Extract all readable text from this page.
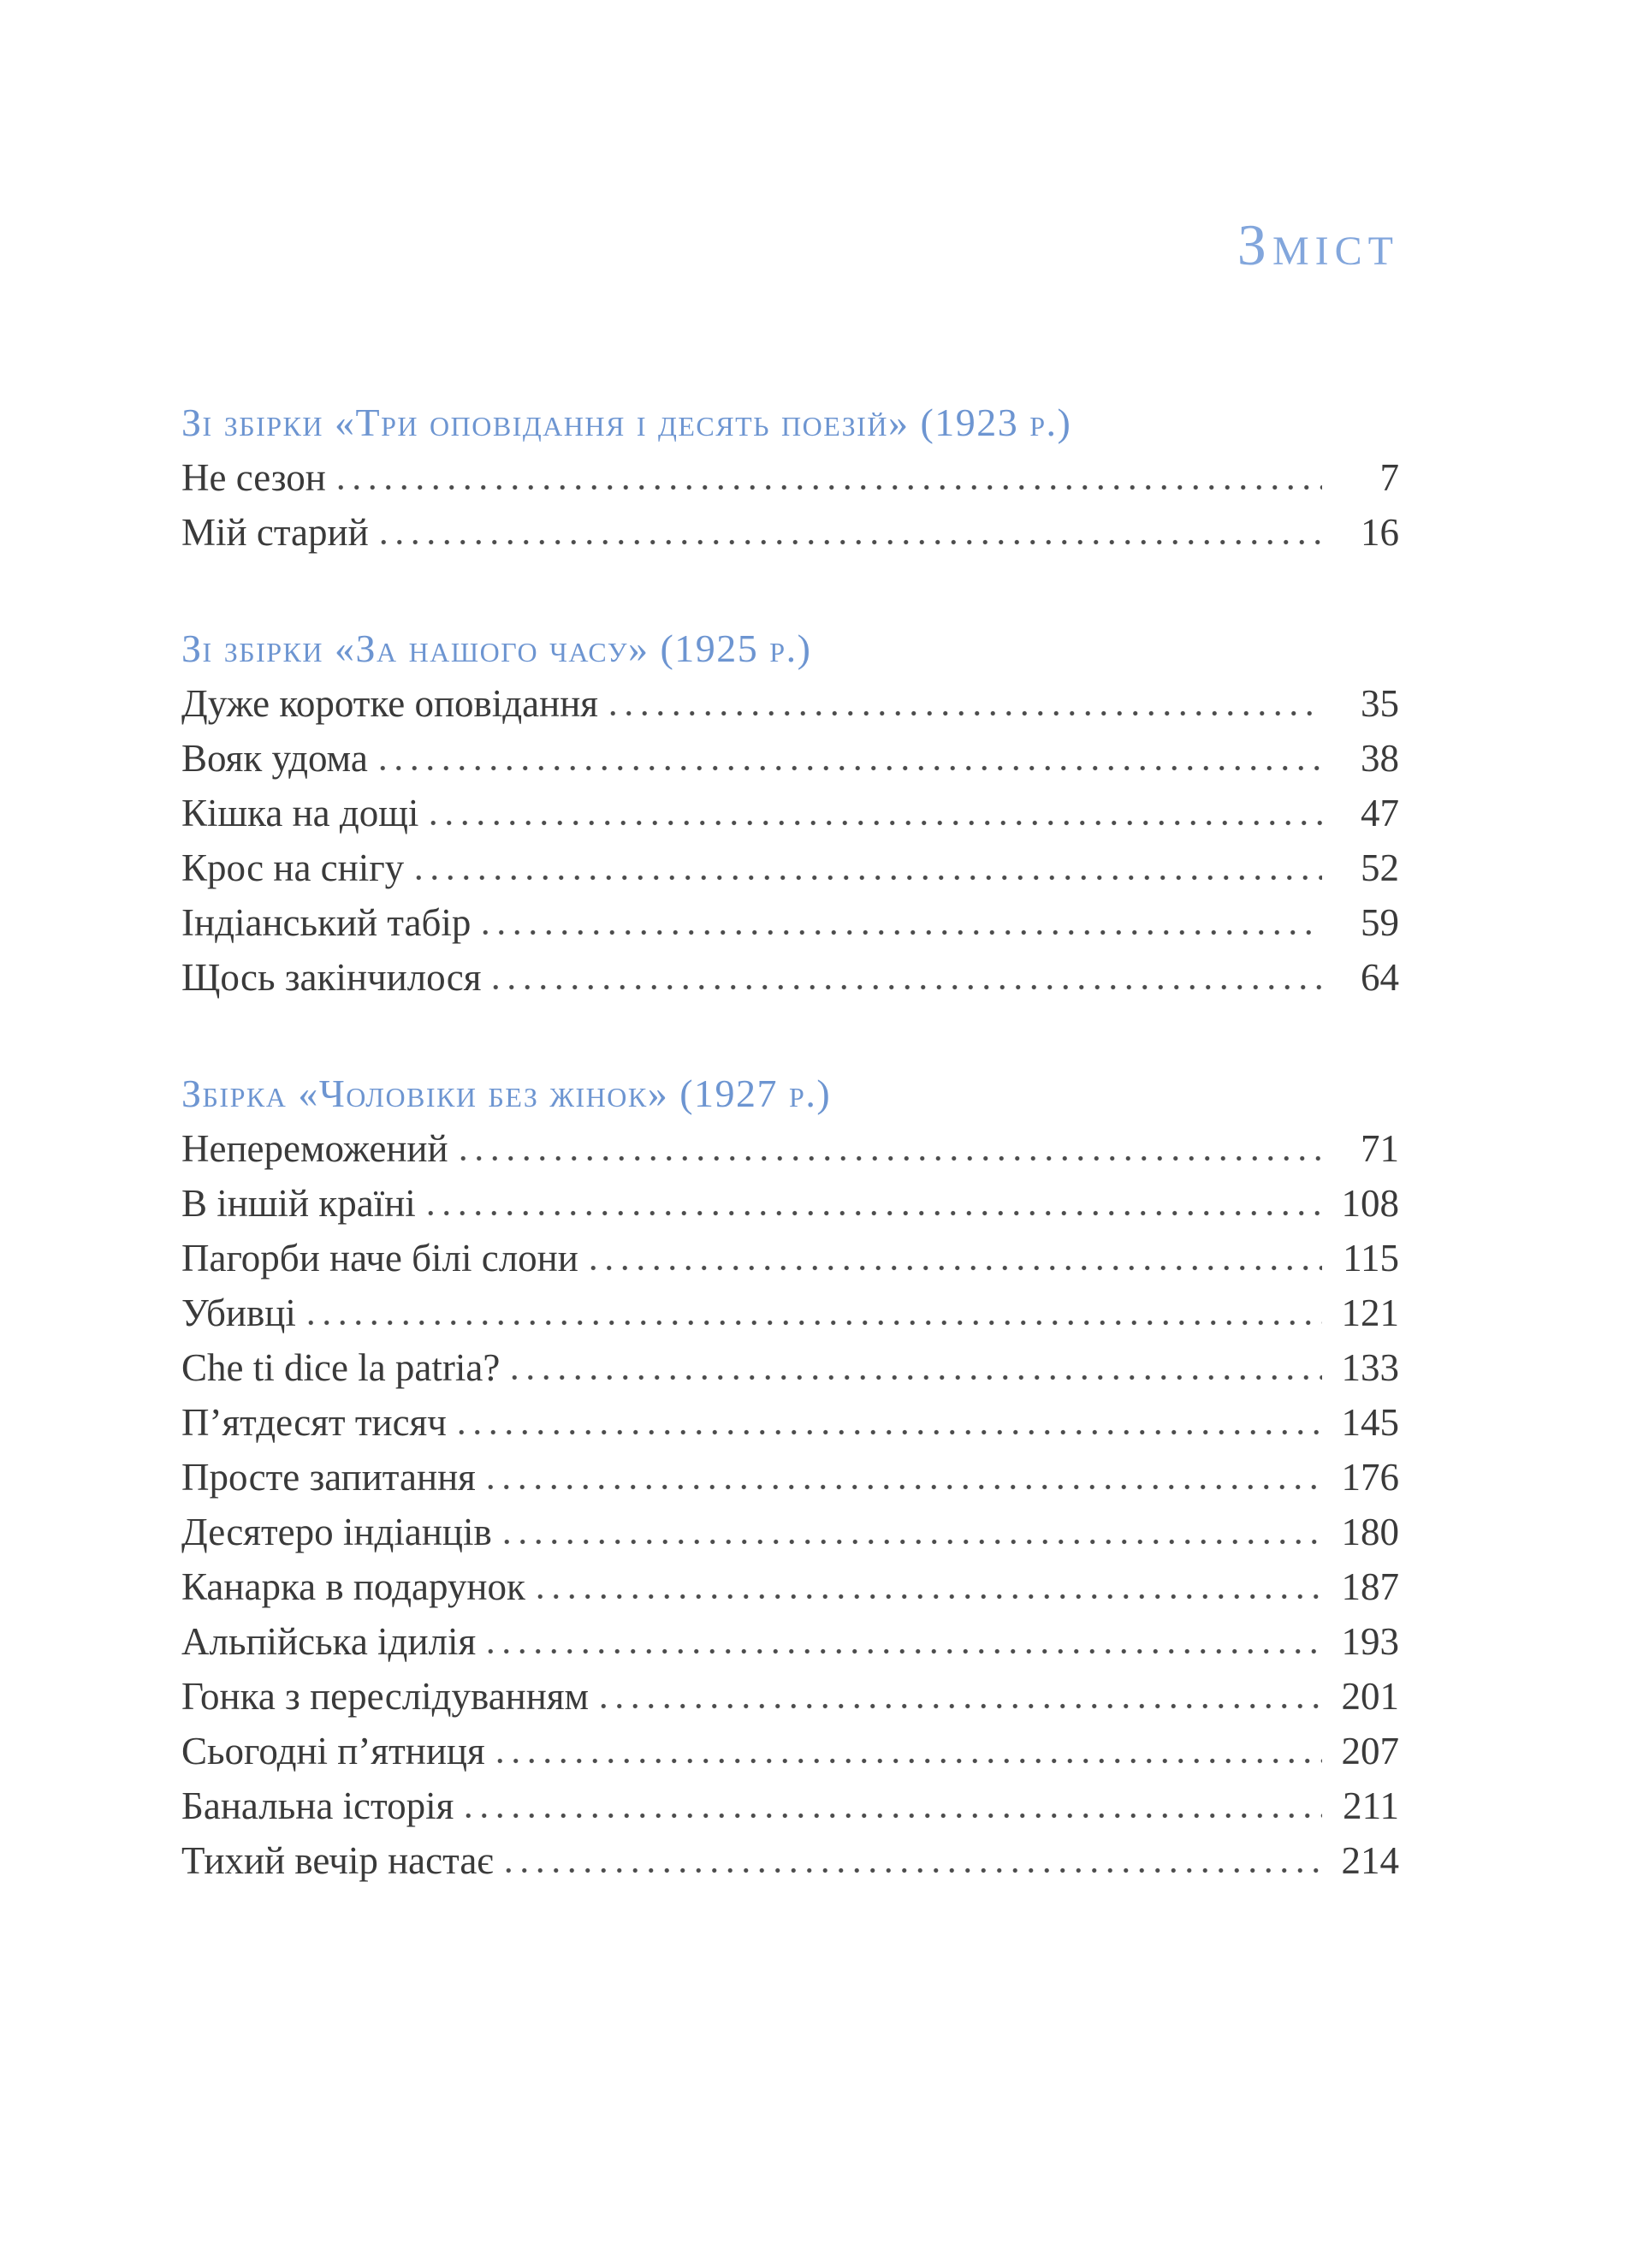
Зміст
Зі збірки «Три оповідання і десять поезій» (1923 р.)
Не сезон	7
Мій старий	16
Зі збірки «За нашого часу» (1925 р.)
Дуже коротке оповідання	35
Вояк удома	38
Кішка на дощі	47
Крос на снігу	52
Індіанський табір	59
Щось закінчилося	64
Збірка «Чоловіки без жінок» (1927 р.)
Непереможений	71
В іншій країні	108
Пагорби наче білі слони	115
Убивці	121
Che ti dice la patria?	133
П’ятдесят тисяч	145
Просте запитання	176
Десятеро індіанців	180
Канарка в подарунок	187
Альпійська ідилія	193
Гонка з переслідуванням	201
Сьогодні п’ятниця	207
Банальна історія	211
Тихий вечір настає	214
